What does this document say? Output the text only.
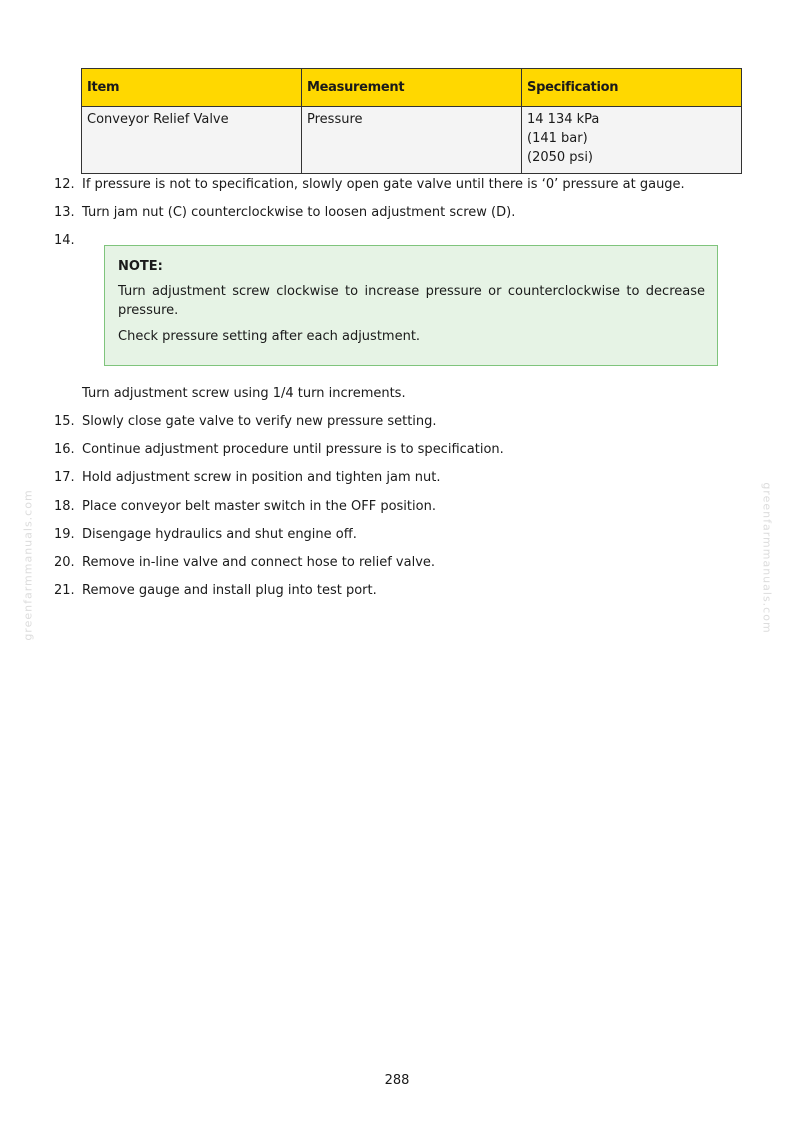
Item	Measurement	Specification
Conveyor Relief Valve	Pressure	14 134 kPa
(141 bar)
(2050 psi)
12. If pressure is not to specification, slowly open gate valve until there is ‘0’ pressure at gauge.
13. Turn jam nut (C) counterclockwise to loosen adjustment screw (D).
14.
NOTE:
Turn adjustment screw clockwise to increase pressure or counterclockwise to decrease pressure.
Check pressure setting after each adjustment.
Turn adjustment screw using 1/4 turn increments.
15. Slowly close gate valve to verify new pressure setting.
16. Continue adjustment procedure until pressure is to specification.
17. Hold adjustment screw in position and tighten jam nut.
18. Place conveyor belt master switch in the OFF position.
19. Disengage hydraulics and shut engine off.
20. Remove in-line valve and connect hose to relief valve.
21. Remove gauge and install plug into test port.
greenfarmmanuals.com	greenfarmmanuals.com
288
